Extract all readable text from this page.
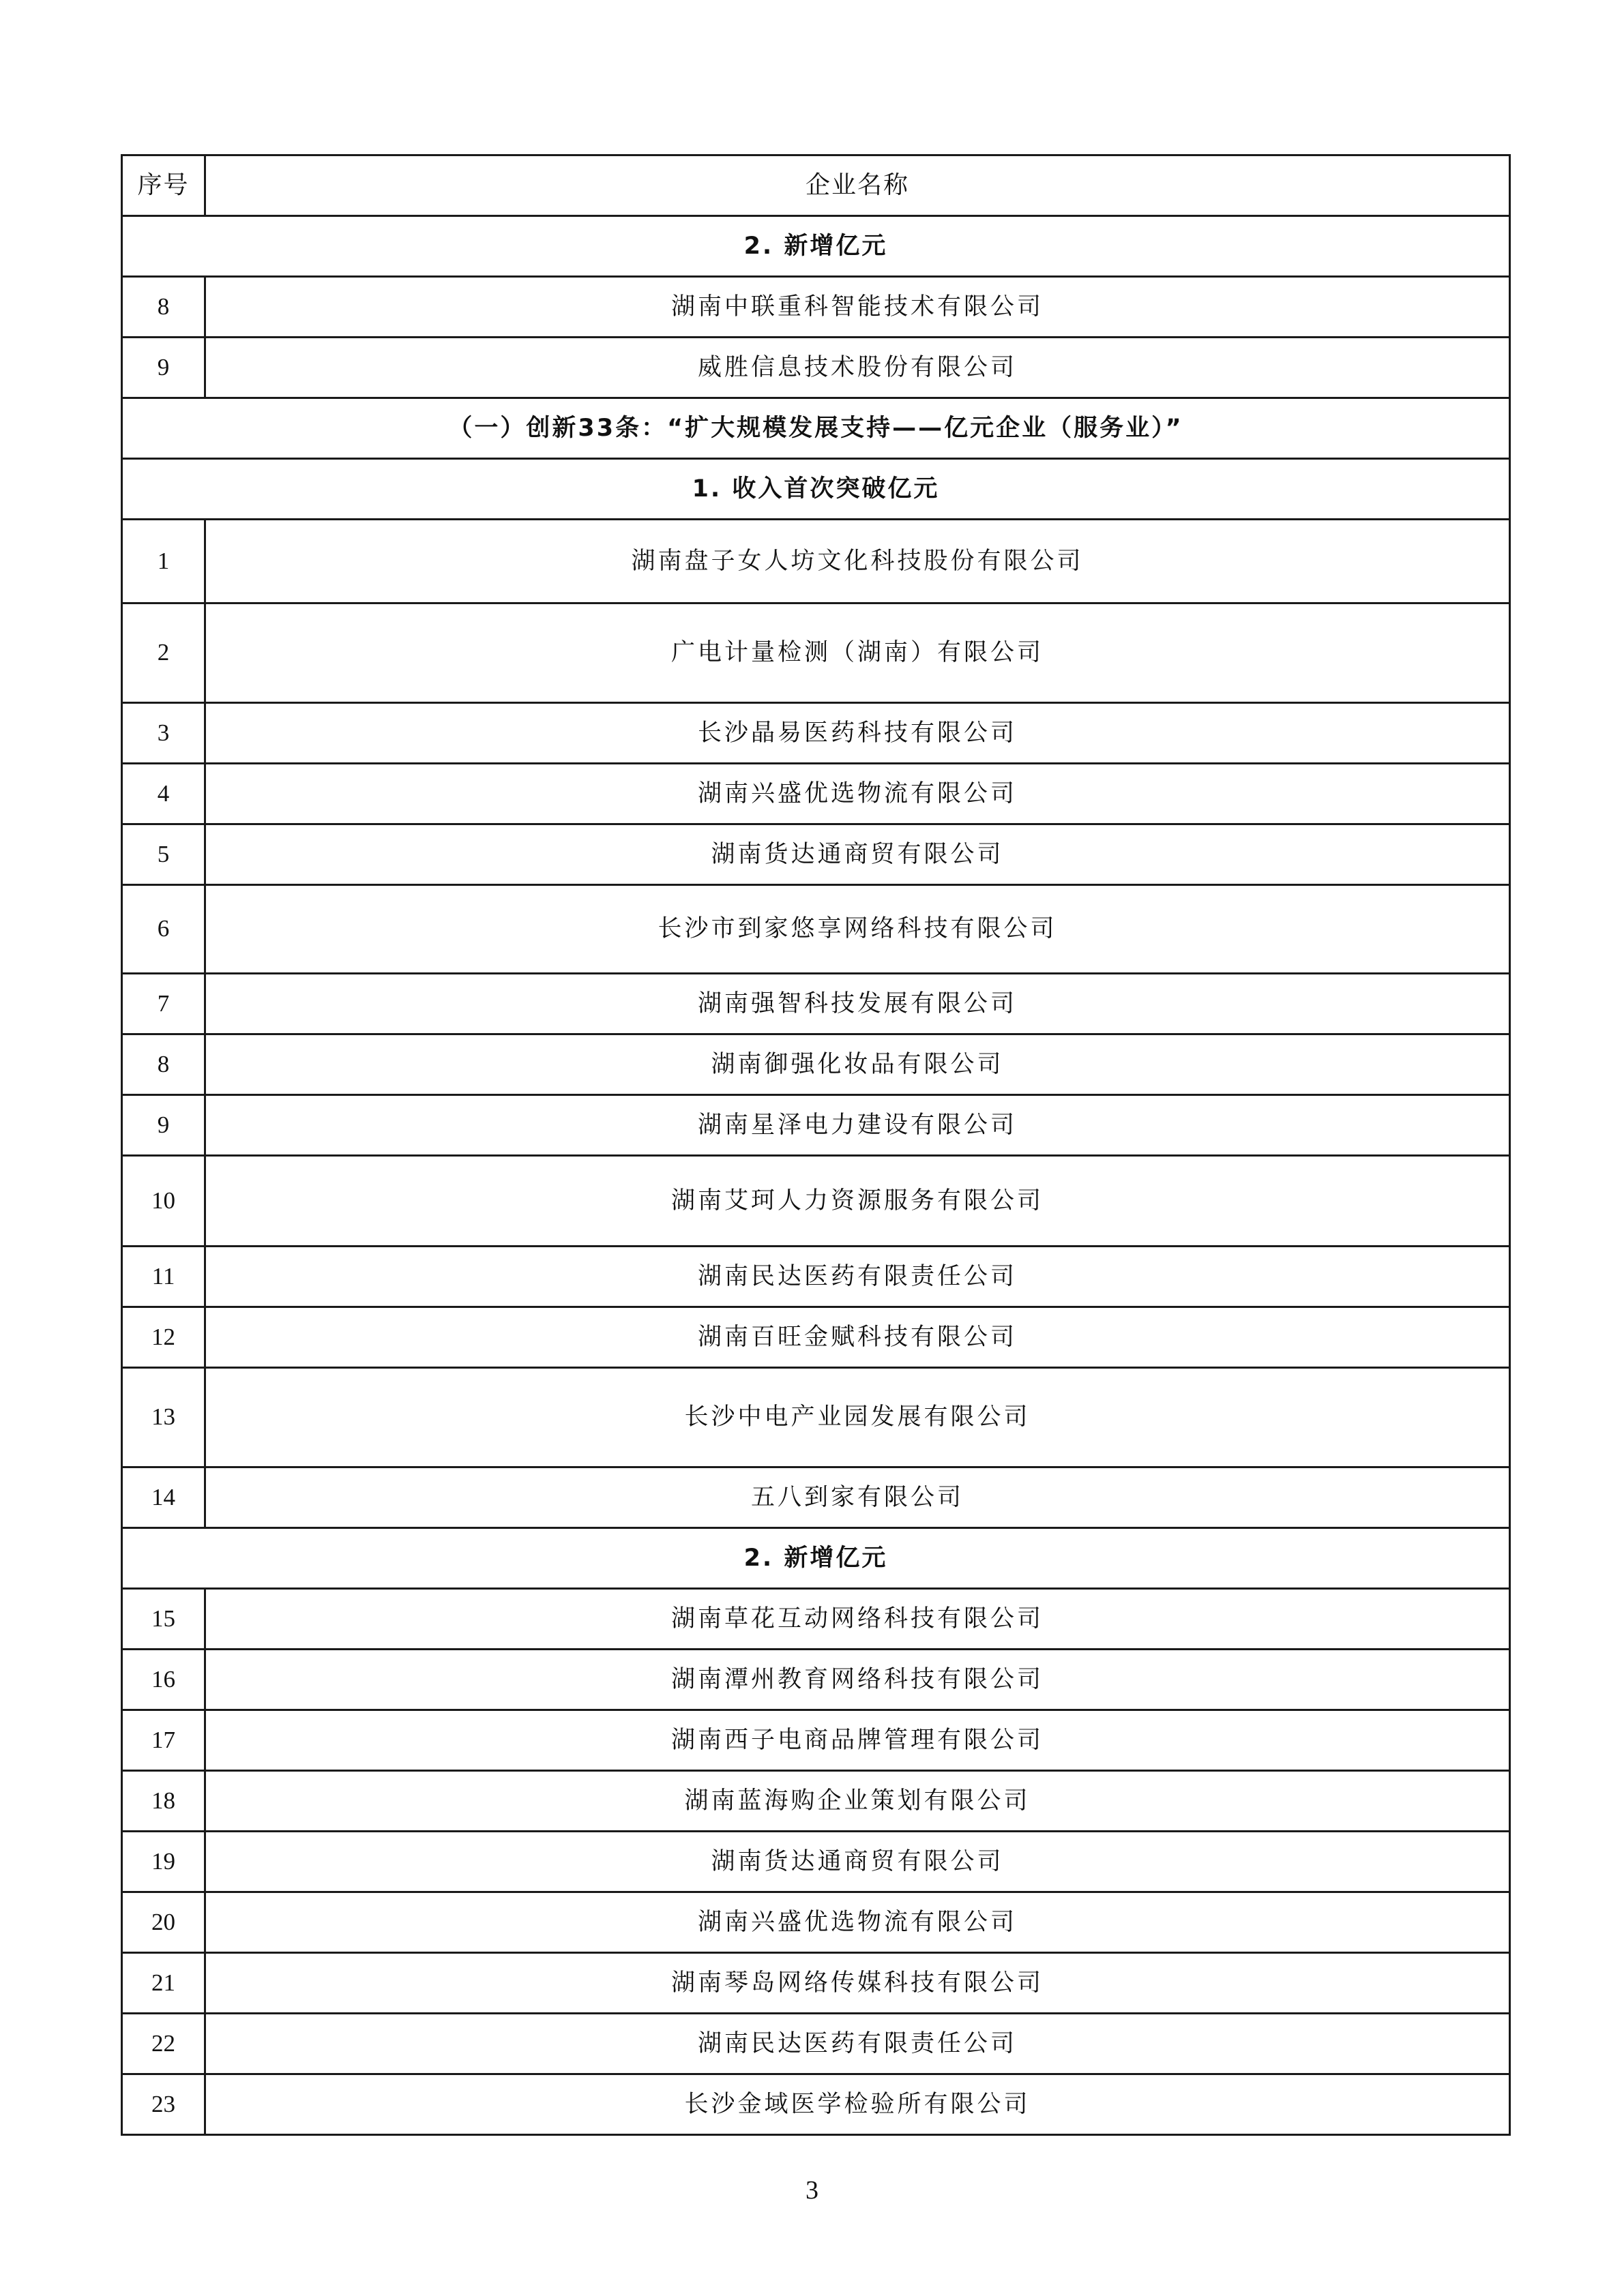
序号	企业名称
2. 新增亿元	
8	湖南中联重科智能技术有限公司
9	威胜信息技术股份有限公司
（一）创新33条：“扩大规模发展支持——亿元企业（服务业）”	
1. 收入首次突破亿元	
1	湖南盘子女人坊文化科技股份有限公司
2	广电计量检测（湖南）有限公司
3	长沙晶易医药科技有限公司
4	湖南兴盛优选物流有限公司
5	湖南货达通商贸有限公司
6	长沙市到家悠享网络科技有限公司
7	湖南强智科技发展有限公司
8	湖南御强化妆品有限公司
9	湖南星泽电力建设有限公司
10	湖南艾珂人力资源服务有限公司
11	湖南民达医药有限责任公司
12	湖南百旺金赋科技有限公司
13	长沙中电产业园发展有限公司
14	五八到家有限公司
2. 新增亿元	
15	湖南草花互动网络科技有限公司
16	湖南潭州教育网络科技有限公司
17	湖南西子电商品牌管理有限公司
18	湖南蓝海购企业策划有限公司
19	湖南货达通商贸有限公司
20	湖南兴盛优选物流有限公司
21	湖南琴岛网络传媒科技有限公司
22	湖南民达医药有限责任公司
23	长沙金域医学检验所有限公司
3
